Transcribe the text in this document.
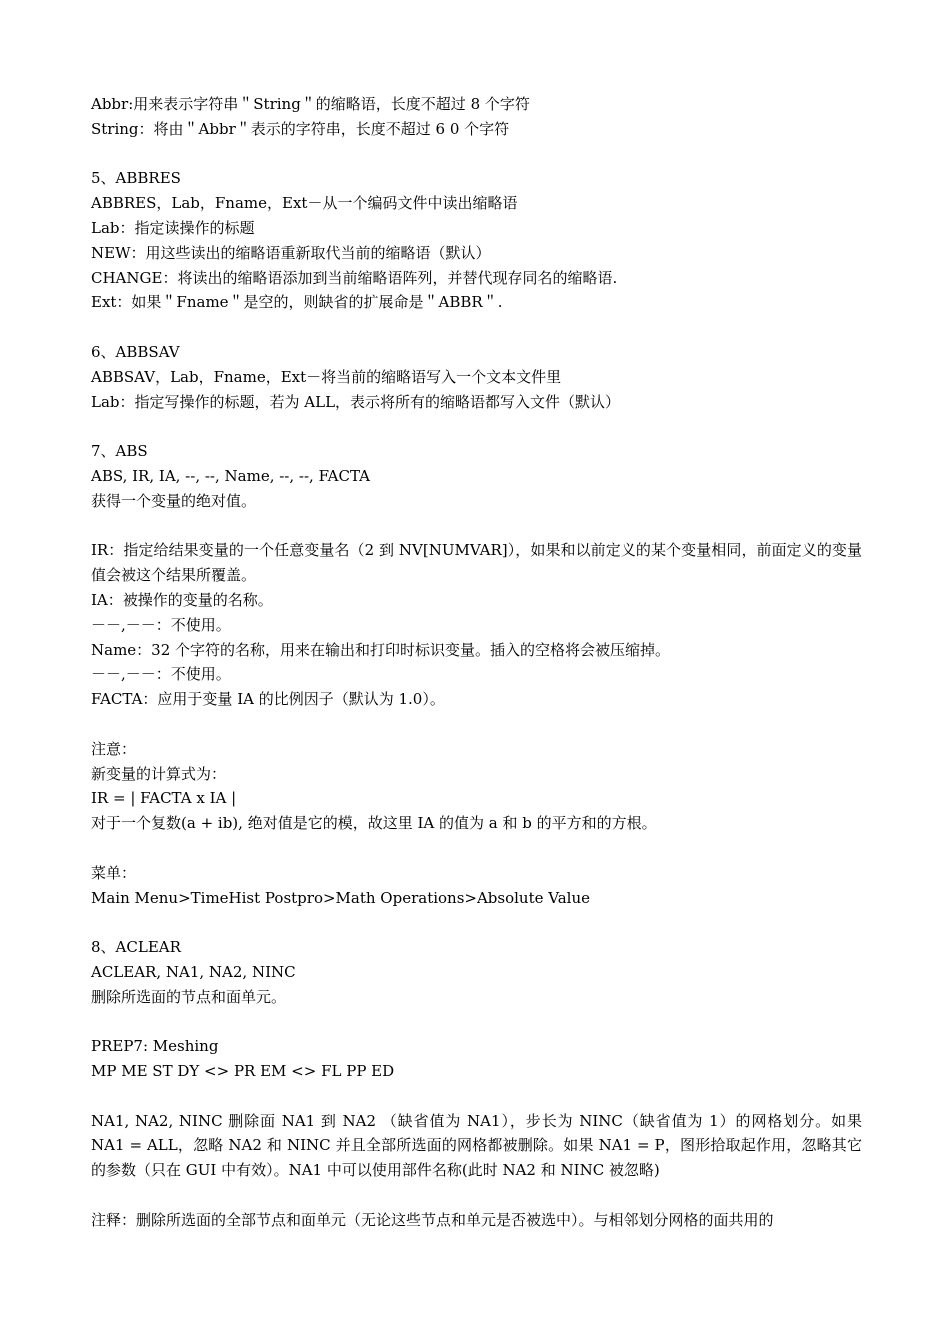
Abbr:用来表示字符串＂String＂的缩略语，长度不超过 8 个字符
String：将由＂Abbr＂表示的字符串，长度不超过 6 0 个字符
5、ABBRES
ABBRES，Lab，Fname，Ext－从一个编码文件中读出缩略语
Lab：指定读操作的标题
NEW：用这些读出的缩略语重新取代当前的缩略语（默认）
CHANGE：将读出的缩略语添加到当前缩略语阵列，并替代现存同名的缩略语.
Ext：如果＂Fname＂是空的，则缺省的扩展命是＂ABBR＂.
6、ABBSAV
ABBSAV，Lab，Fname，Ext－将当前的缩略语写入一个文本文件里
Lab：指定写操作的标题，若为 ALL，表示将所有的缩略语都写入文件（默认）
7、ABS
ABS, IR, IA, --, --, Name, --, --, FACTA
获得一个变量的绝对值。

IR：指定给结果变量的一个任意变量名（2 到 NV[NUMVAR]），如果和以前定义的某个变量相同，前面定义的变量值会被这个结果所覆盖。

IA：被操作的变量的名称。
－－,－－：不使用。
Name：32 个字符的名称，用来在输出和打印时标识变量。插入的空格将会被压缩掉。
－－,－－：不使用。
FACTA：应用于变量 IA 的比例因子（默认为 1.0）。
注意：
新变量的计算式为：
IR = | FACTA x IA |
对于一个复数(a + ib), 绝对值是它的模，故这里 IA 的值为 a 和 b 的平方和的方根。
菜单：
Main Menu>TimeHist Postpro>Math Operations>Absolute Value
8、ACLEAR
ACLEAR, NA1, NA2, NINC
删除所选面的节点和面单元。
PREP7: Meshing
MP ME ST DY <> PR EM <> FL PP ED

NA1, NA2, NINC 删除面 NA1 到 NA2 （缺省值为 NA1），步长为 NINC（缺省值为 1）的网格划分。如果 NA1 = ALL，忽略 NA2 和 NINC 并且全部所选面的网格都被删除。如果 NA1 = P，图形拾取起作用，忽略其它的参数（只在 GUI 中有效）。NA1 中可以使用部件名称(此时 NA2 和 NINC 被忽略)

注释：删除所选面的全部节点和面单元（无论这些节点和单元是否被选中）。与相邻划分网格的面共用的
